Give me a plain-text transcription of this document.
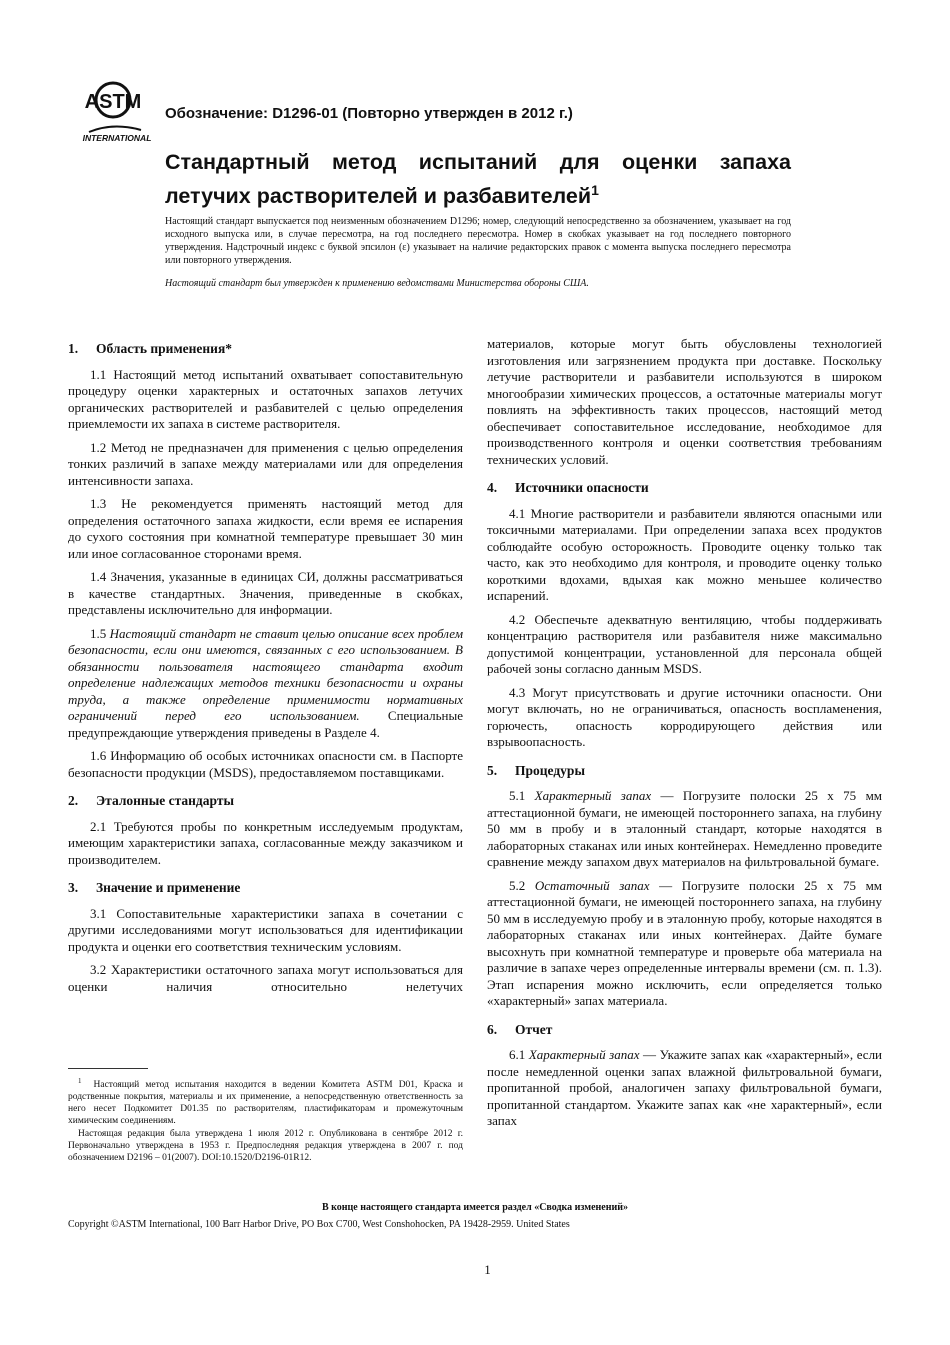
ASTM
INTERNATIONAL
Обозначение: D1296-01 (Повторно утвержден в 2012 г.)
Стандартный метод испытаний для оценки запаха летучих растворителей и разбавителей$^1$

Настоящий стандарт выпускается под неизменным обозначением D1296; номер, следующий непосредственно за обозначением, указывает на год исходного выпуска или, в случае пересмотра, на год последнего пересмотра. Номер в скобках указывает на год последнего повторного утверждения. Надстрочный индекс с буквой эпсилон (ε) указывает на наличие редакторских правок с момента выпуска последнего пересмотра или повторного утверждения.

Настоящий стандарт был утвержден к применению ведомствами Министерства обороны США.

1. Область применения*

1.1 Настоящий метод испытаний охватывает сопоставительную процедуру оценки характерных и остаточных запахов летучих органических растворителей и разбавителей с целью определения приемлемости их запаха в системе растворителя.

1.2 Метод не предназначен для применения с целью определения тонких различий в запахе между материалами или для определения интенсивности запаха.

1.3 Не рекомендуется применять настоящий метод для определения остаточного запаха жидкости, если время ее испарения до сухого состояния при комнатной температуре превышает 30 мин или иное согласованное сторонами время.

1.4 Значения, указанные в единицах СИ, должны рассматриваться в качестве стандартных. Значения, приведенные в скобках, представлены исключительно для информации.

1.5 Настоящий стандарт не ставит целью описание всех проблем безопасности, если они имеются, связанных с его использованием. В обязанности пользователя настоящего стандарта входит определение надлежащих методов техники безопасности и охраны труда, а также определение применимости нормативных ограничений перед его использованием. Специальные предупреждающие утверждения приведены в Разделе 4.

1.6 Информацию об особых источниках опасности см. в Паспорте безопасности продукции (MSDS), предоставляемом поставщиками.

2. Эталонные стандарты

2.1 Требуются пробы по конкретным исследуемым продуктам, имеющим характеристики запаха, согласованные между заказчиком и производителем.

3. Значение и применение

3.1 Сопоставительные характеристики запаха в сочетании с другими исследованиями могут использоваться для идентификации продукта и оценки его соответствия техническим условиям.

3.2 Характеристики остаточного запаха могут использоваться для оценки наличия относительно нелетучих

материалов, которые могут быть обусловлены технологией изготовления или загрязнением продукта при доставке. Поскольку летучие растворители и разбавители используются в широком многообразии химических процессов, а остаточные материалы могут повлиять на эффективность таких процессов, настоящий метод обеспечивает сопоставительное исследование, необходимое для производственного контроля и оценки соответствия требованиям технических условий.

4. Источники опасности

4.1 Многие растворители и разбавители являются опасными или токсичными материалами. При определении запаха всех продуктов соблюдайте особую осторожность. Проводите оценку только так часто, как это необходимо для контроля, и проводите оценку только короткими вдохами, вдыхая как можно меньшее количество испарений.

4.2 Обеспечьте адекватную вентиляцию, чтобы поддерживать концентрацию растворителя или разбавителя ниже максимально допустимой концентрации, установленной для персонала общей рабочей зоны согласно данным MSDS.

4.3 Могут присутствовать и другие источники опасности. Они могут включать, но не ограничиваться, опасность воспламенения, горючесть, опасность корродирующего действия или взрывоопасность.

5. Процедуры

5.1 Характерный запах — Погрузите полоски 25 x 75 мм аттестационной бумаги, не имеющей постороннего запаха, на глубину 50 мм в пробу и в эталонный стандарт, которые находятся в лабораторных стаканах или иных контейнерах. Немедленно проведите сравнение между запахом двух материалов на фильтровальной бумаге.

5.2 Остаточный запах — Погрузите полоски 25 x 75 мм аттестационной бумаги, не имеющей постороннего запаха, на глубину 50 мм в исследуемую пробу и в эталонную пробу, которые находятся в лабораторных стаканах или иных контейнерах. Дайте бумаге высохнуть при комнатной температуре и проверьте оба материала на различие в запахе через определенные интервалы времени (см. п. 1.3). Этап испарения можно исключить, если определяется только «характерный» запах материала.

6. Отчет

6.1 Характерный запах — Укажите запах как «характерный», если после немедленной оценки запах влажной фильтровальной бумаги, пропитанной пробой, аналогичен запаху фильтровальной бумаги, пропитанной стандартом. Укажите запах как «не характерный», если запах

$^1$ Настоящий метод испытания находится в ведении Комитета ASTM D01, Краска и родственные покрытия, материалы и их применение, а непосредственную ответственность за него несет Подкомитет D01.35 по растворителям, пластификаторам и промежуточным химическим соединениям.

Настоящая редакция была утверждена 1 июля 2012 г. Опубликована в сентябре 2012 г. Первоначально утверждена в 1953 г. Предпоследняя редакция утверждена в 2007 г. под обозначением D2196 – 01(2007). DOI:10.1520/D2196-01R12.

В конце настоящего стандарта имеется раздел «Сводка изменений»
Copyright ©ASTM International, 100 Barr Harbor Drive, PO Box C700, West Conshohocken, PA 19428-2959. United States
1
